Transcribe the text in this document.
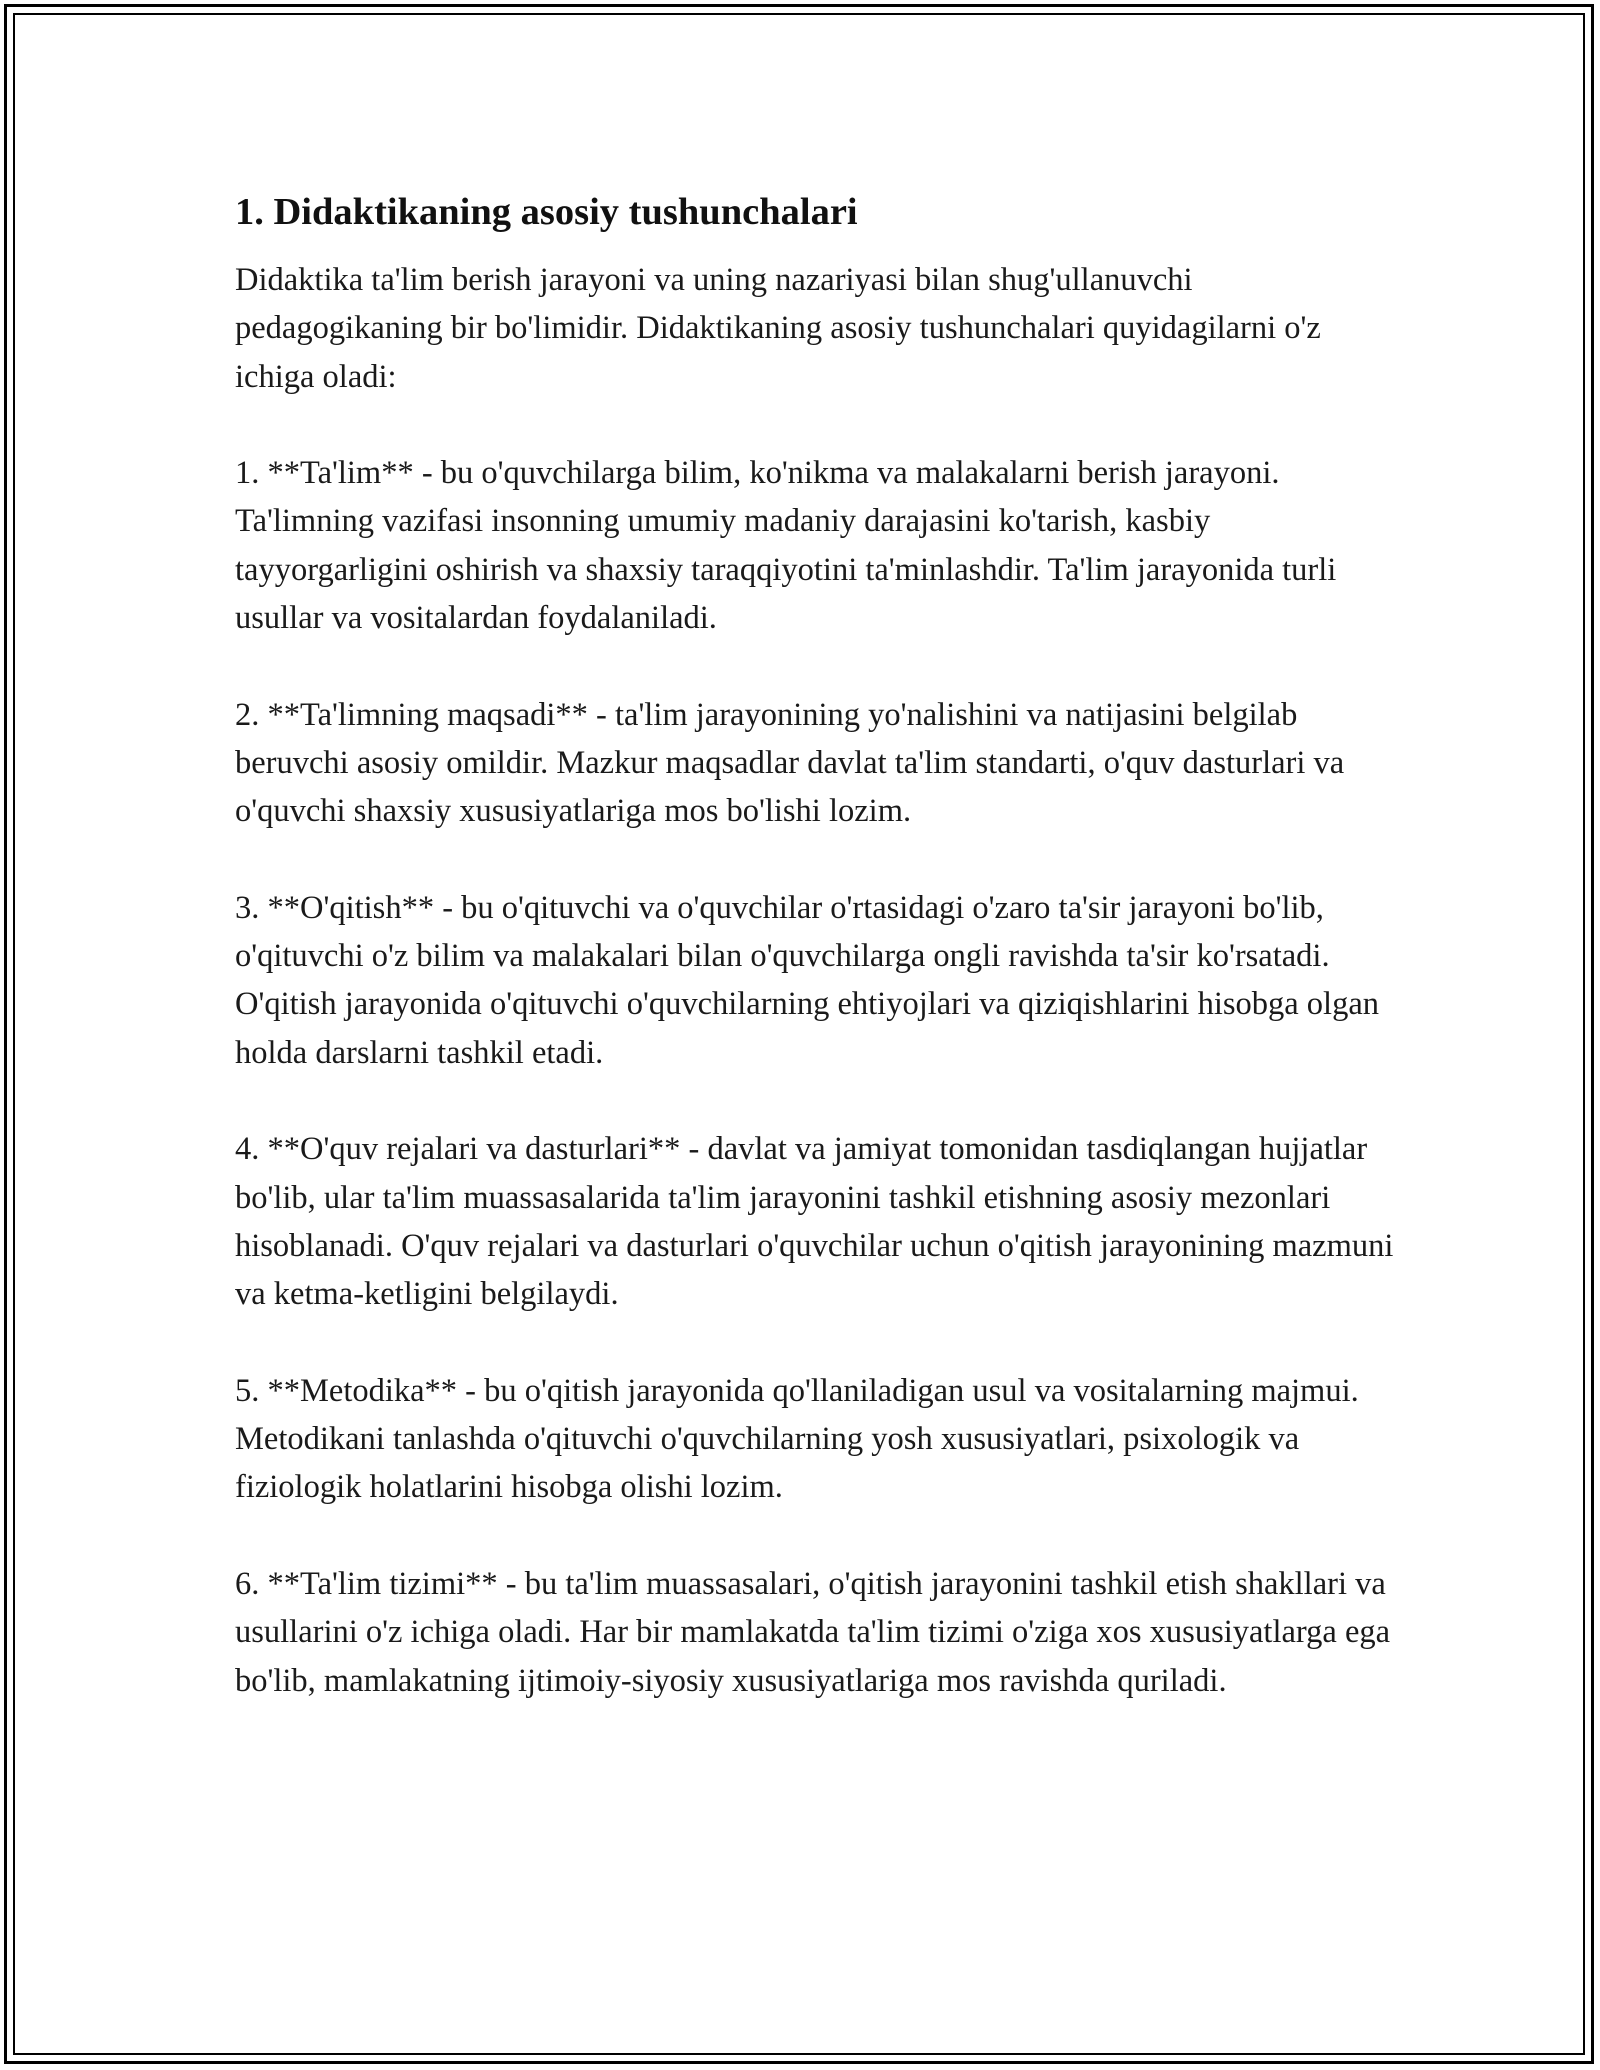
1. Didaktikaning asosiy tushunchalari

Didaktika ta'lim berish jarayoni va uning nazariyasi bilan shug'ullanuvchi pedagogikaning bir bo'limidir. Didaktikaning asosiy tushunchalari quyidagilarni o'z ichiga oladi:

1. **Ta'lim** - bu o'quvchilarga bilim, ko'nikma va malakalarni berish jarayoni. Ta'limning vazifasi insonning umumiy madaniy darajasini ko'tarish, kasbiy tayyorgarligini oshirish va shaxsiy taraqqiyotini ta'minlashdir. Ta'lim jarayonida turli usullar va vositalardan foydalaniladi.

2. **Ta'limning maqsadi** - ta'lim jarayonining yo'nalishini va natijasini belgilab beruvchi asosiy omildir. Mazkur maqsadlar davlat ta'lim standarti, o'quv dasturlari va o'quvchi shaxsiy xususiyatlariga mos bo'lishi lozim.

3. **O'qitish** - bu o'qituvchi va o'quvchilar o'rtasidagi o'zaro ta'sir jarayoni bo'lib, o'qituvchi o'z bilim va malakalari bilan o'quvchilarga ongli ravishda ta'sir ko'rsatadi. O'qitish jarayonida o'qituvchi o'quvchilarning ehtiyojlari va qiziqishlarini hisobga olgan holda darslarni tashkil etadi.

4. **O'quv rejalari va dasturlari** - davlat va jamiyat tomonidan tasdiqlangan hujjatlar bo'lib, ular ta'lim muassasalarida ta'lim jarayonini tashkil etishning asosiy mezonlari hisoblanadi. O'quv rejalari va dasturlari o'quvchilar uchun o'qitish jarayonining mazmuni va ketma-ketligini belgilaydi.

5. **Metodika** - bu o'qitish jarayonida qo'llaniladigan usul va vositalarning majmui. Metodikani tanlashda o'qituvchi o'quvchilarning yosh xususiyatlari, psixologik va fiziologik holatlarini hisobga olishi lozim.

6. **Ta'lim tizimi** - bu ta'lim muassasalari, o'qitish jarayonini tashkil etish shakllari va usullarini o'z ichiga oladi. Har bir mamlakatda ta'lim tizimi o'ziga xos xususiyatlarga ega bo'lib, mamlakatning ijtimoiy-siyosiy xususiyatlariga mos ravishda quriladi.
